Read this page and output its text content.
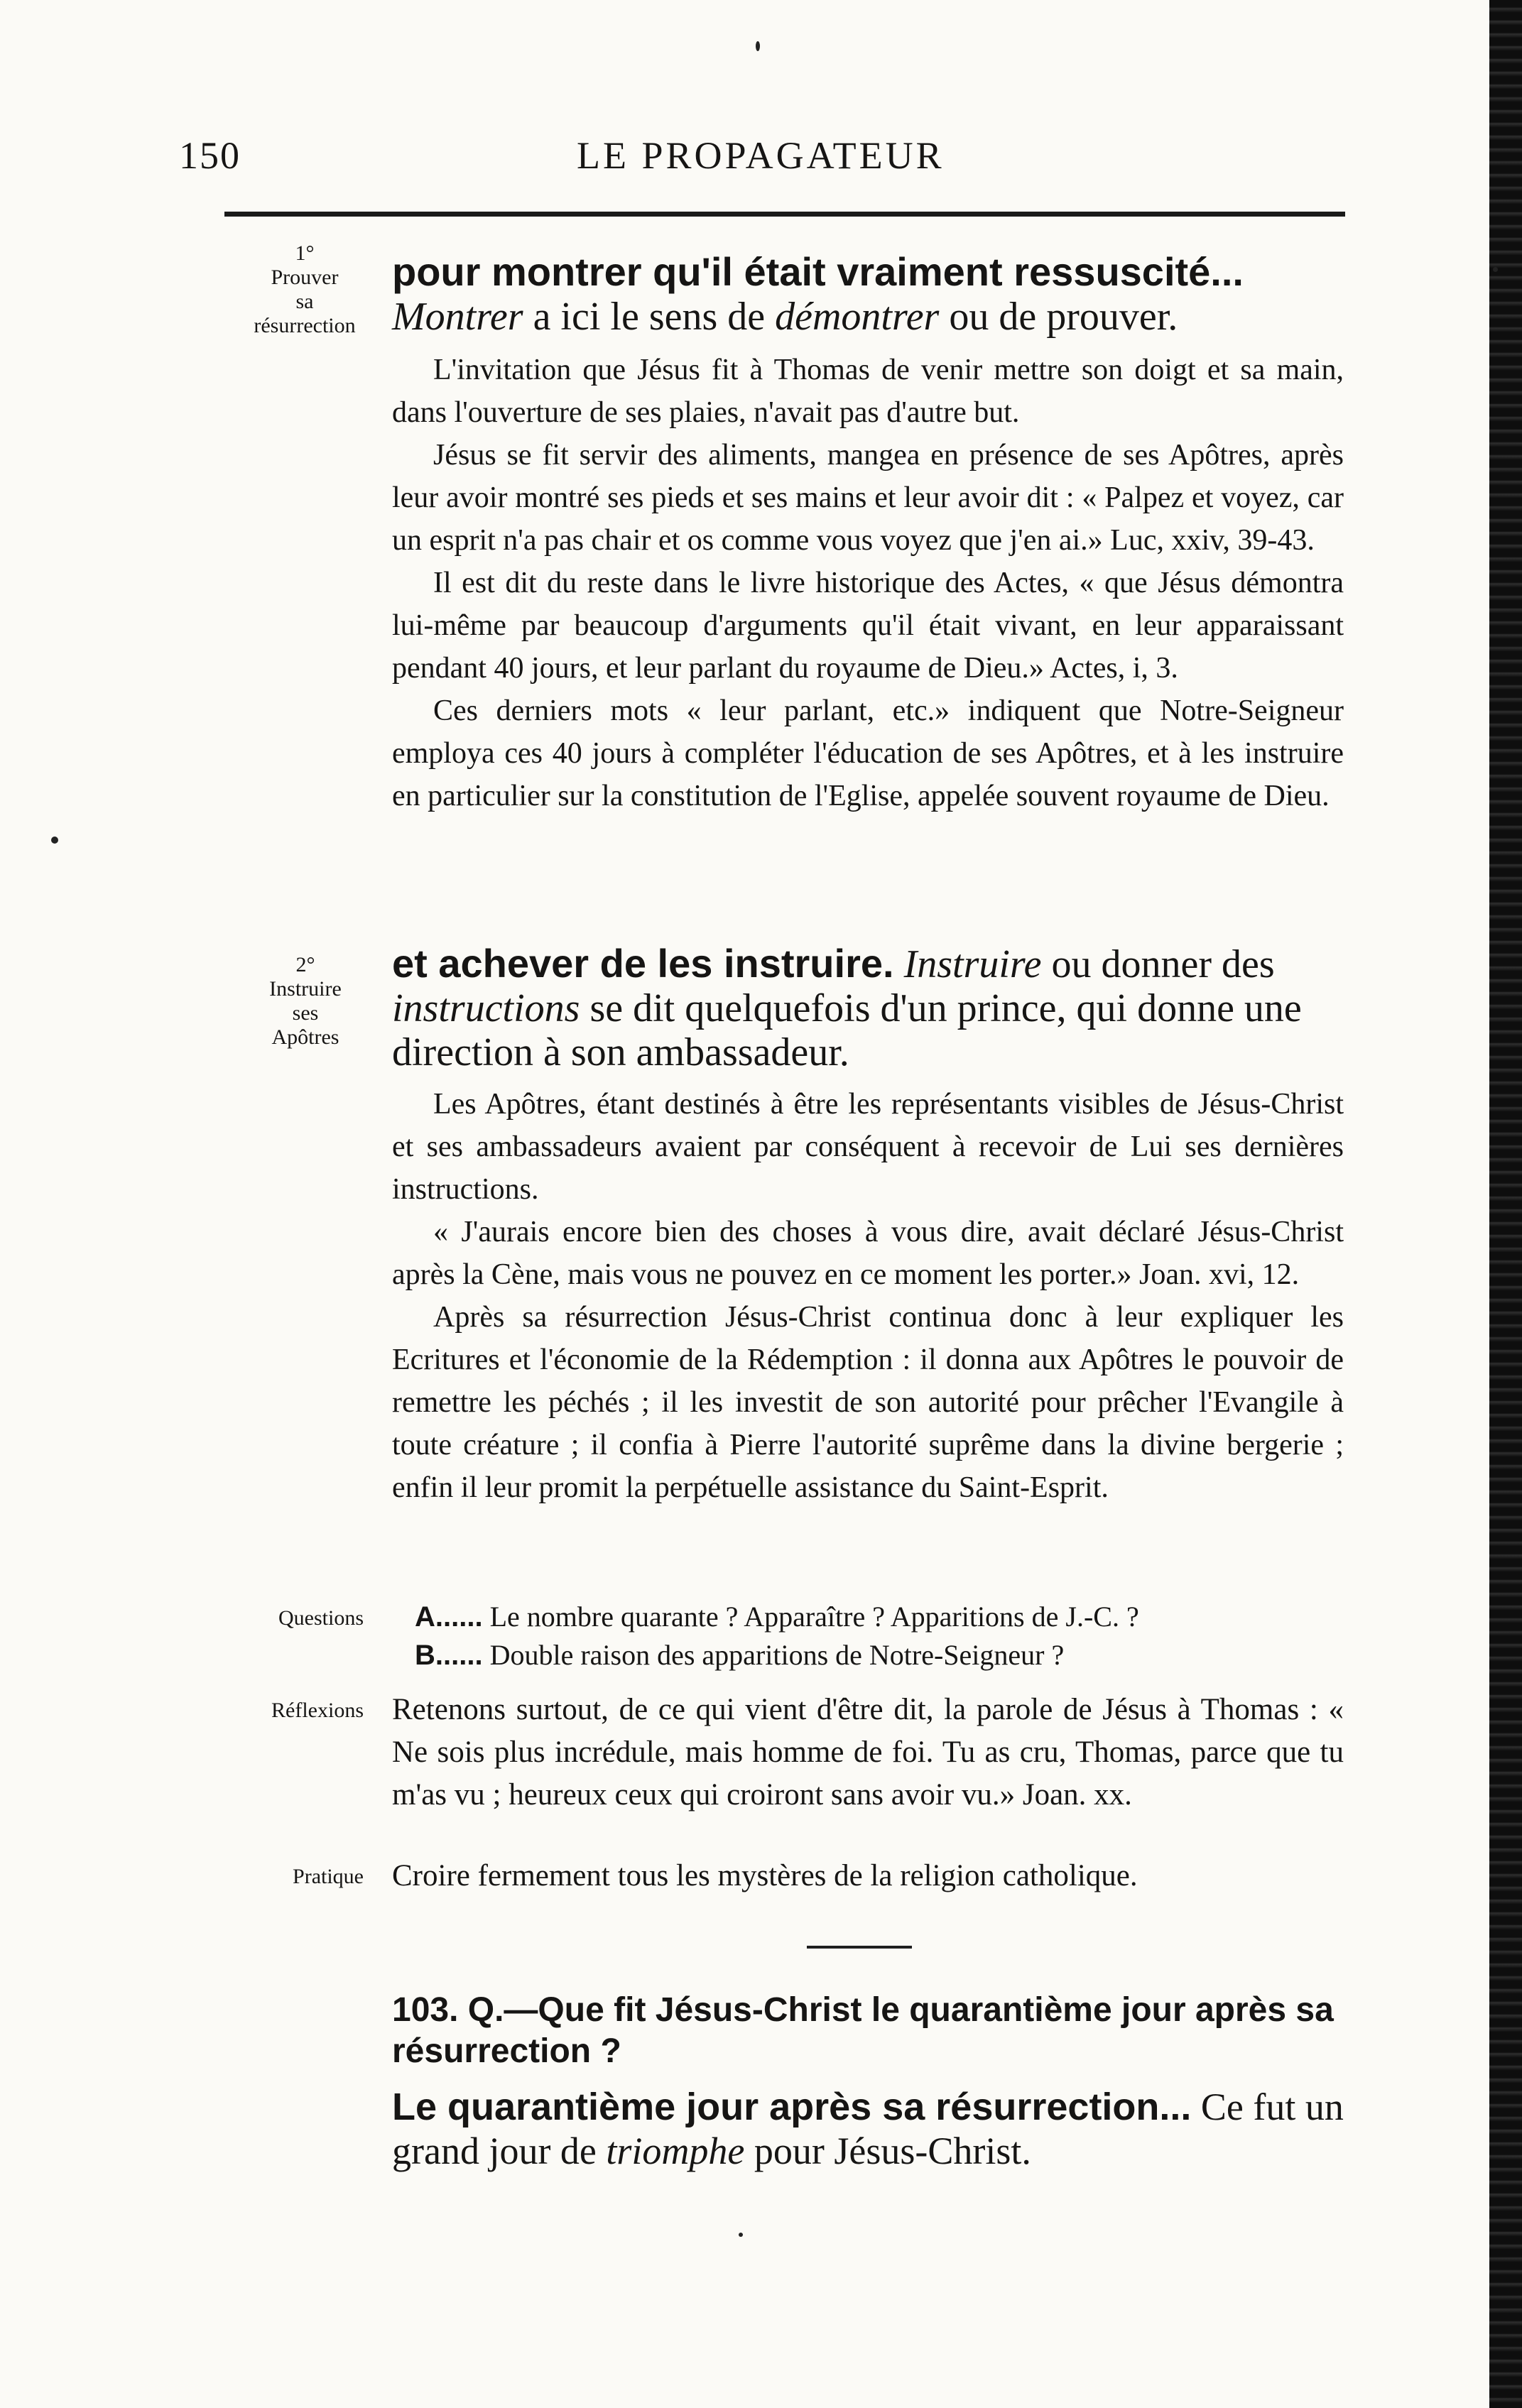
150	LE PROPAGATEUR
1°
Prouver
sa
résurrection
2°
Instruire
ses
Apôtres
Questions
Réflexions
Pratique
pour montrer qu'il était vraiment ressuscité... Montrer a ici le sens de démontrer ou de prouver.

L'invitation que Jésus fit à Thomas de venir mettre son doigt et sa main, dans l'ouverture de ses plaies, n'avait pas d'autre but.

Jésus se fit servir des aliments, mangea en présence de ses Apôtres, après leur avoir montré ses pieds et ses mains et leur avoir dit : « Palpez et voyez, car un esprit n'a pas chair et os comme vous voyez que j'en ai.» Luc, xxiv, 39-43.

Il est dit du reste dans le livre historique des Actes, « que Jésus démontra lui-même par beaucoup d'arguments qu'il était vivant, en leur apparaissant pendant 40 jours, et leur parlant du royaume de Dieu.» Actes, i, 3.

Ces derniers mots « leur parlant, etc.» indiquent que Notre-Seigneur employa ces 40 jours à compléter l'éducation de ses Apôtres, et à les instruire en particulier sur la constitution de l'Eglise, appelée souvent royaume de Dieu.

et achever de les instruire. Instruire ou donner des instructions se dit quelquefois d'un prince, qui donne une direction à son ambassadeur.

Les Apôtres, étant destinés à être les représentants visibles de Jésus-Christ et ses ambassadeurs avaient par conséquent à recevoir de Lui ses dernières instructions.

« J'aurais encore bien des choses à vous dire, avait déclaré Jésus-Christ après la Cène, mais vous ne pouvez en ce moment les porter.» Joan. xvi, 12.

Après sa résurrection Jésus-Christ continua donc à leur expliquer les Ecritures et l'économie de la Rédemption : il donna aux Apôtres le pouvoir de remettre les péchés ; il les investit de son autorité pour prêcher l'Evangile à toute créature ; il confia à Pierre l'autorité suprême dans la divine bergerie ; enfin il leur promit la perpétuelle assistance du Saint-Esprit.

A...... Le nombre quarante ? Apparaître ? Apparitions de J.-C. ?
B...... Double raison des apparitions de Notre-Seigneur ?

Retenons surtout, de ce qui vient d'être dit, la parole de Jésus à Thomas : « Ne sois plus incrédule, mais homme de foi. Tu as cru, Thomas, parce que tu m'as vu ; heureux ceux qui croiront sans avoir vu.» Joan. xx.

Croire fermement tous les mystères de la religion catholique.

103. Q.—Que fit Jésus-Christ le quarantième jour après sa résurrection ?
Le quarantième jour après sa résurrection... Ce fut un grand jour de triomphe pour Jésus-Christ.
